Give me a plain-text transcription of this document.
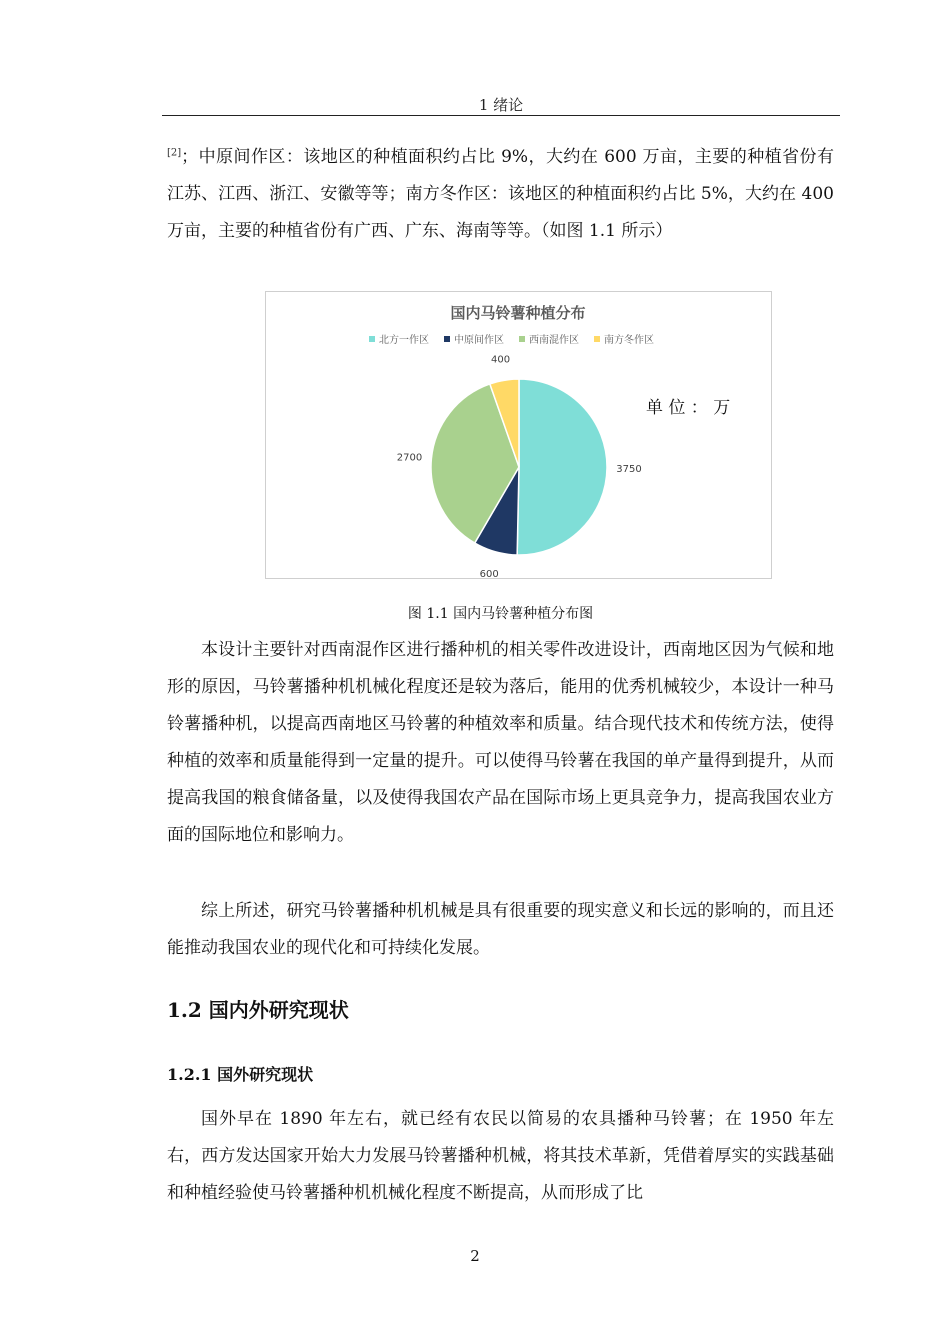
1 绪论

[2]；中原间作区：该地区的种植面积约占比 9%，大约在 600 万亩，主要的种植省份有江苏、江西、浙江、安徽等等；南方冬作区：该地区的种植面积约占比 5%，大约在 400 万亩，主要的种植省份有广西、广东、海南等等。（如图 1.1 所示）

国内马铃薯种植分布
北方一作区	中原间作区	西南混作区	南方冬作区
3750
600
2700
400
单 位 ： 万
图 1.1 国内马铃薯种植分布图

本设计主要针对西南混作区进行播种机的相关零件改进设计，西南地区因为气候和地形的原因，马铃薯播种机机械化程度还是较为落后，能用的优秀机械较少，本设计一种马铃薯播种机，以提高西南地区马铃薯的种植效率和质量。结合现代技术和传统方法，使得种植的效率和质量能得到一定量的提升。可以使得马铃薯在我国的单产量得到提升，从而提高我国的粮食储备量，以及使得我国农产品在国际市场上更具竞争力，提高我国农业方面的国际地位和影响力。

综上所述，研究马铃薯播种机机械是具有很重要的现实意义和长远的影响的，而且还能推动我国农业的现代化和可持续化发展。

1.2 国内外研究现状
1.2.1 国外研究现状

国外早在 1890 年左右，就已经有农民以简易的农具播种马铃薯；在 1950 年左右，西方发达国家开始大力发展马铃薯播种机械，将其技术革新，凭借着厚实的实践基础和种植经验使马铃薯播种机机械化程度不断提高，从而形成了比

2
